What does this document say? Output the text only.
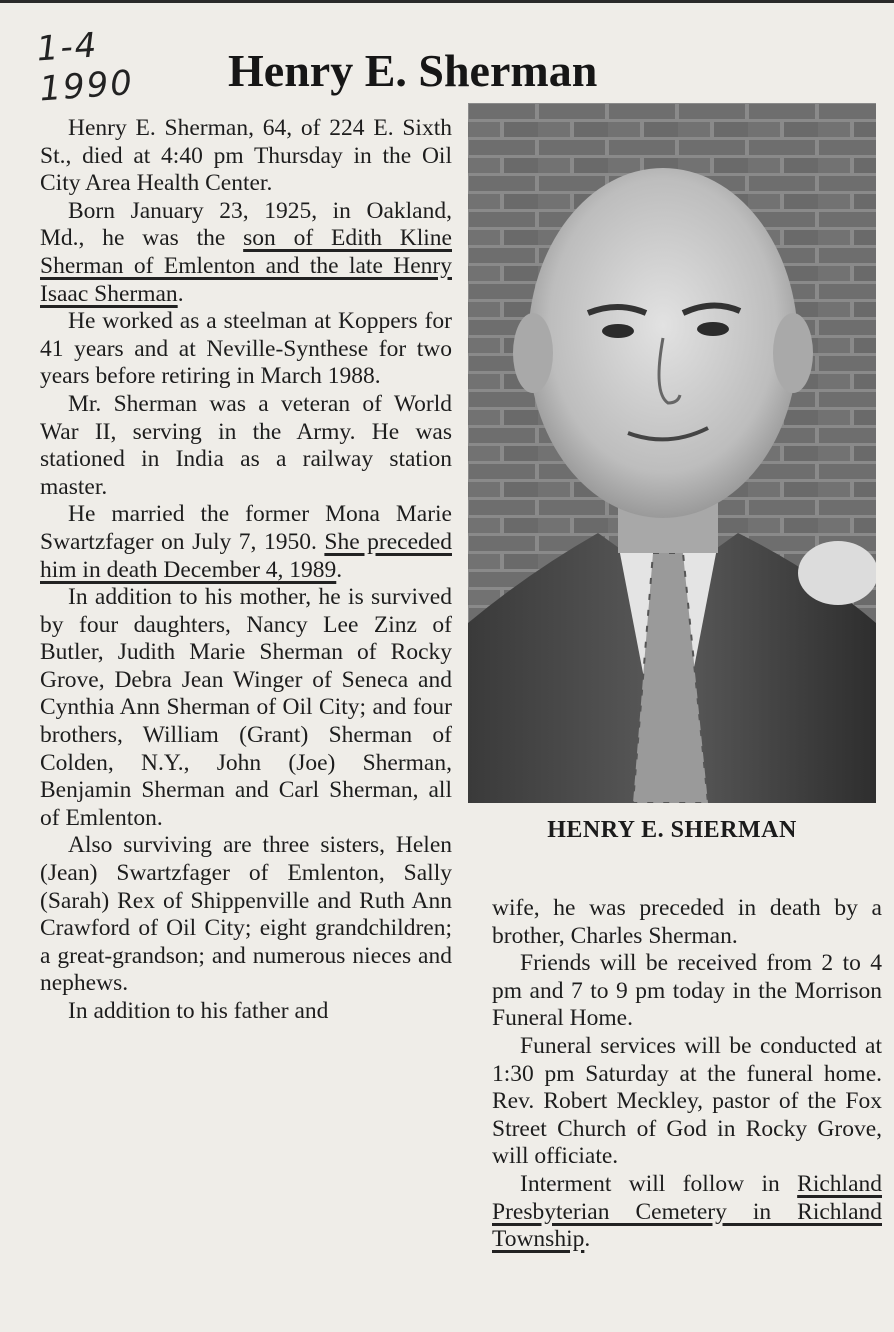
1-4
1990	Henry E. Sherman

Henry E. Sherman, 64, of 224 E. Sixth St., died at 4:40 pm Thursday in the Oil City Area Health Center.

Born January 23, 1925, in Oakland, Md., he was the son of Edith Kline Sherman of Emlenton and the late Henry Isaac Sherman.

He worked as a steelman at Koppers for 41 years and at Neville-Synthese for two years before retiring in March 1988.

Mr. Sherman was a veteran of World War II, serving in the Army. He was stationed in India as a railway station master.

He married the former Mona Marie Swartzfager on July 7, 1950. She preceded him in death December 4, 1989.

In addition to his mother, he is survived by four daughters, Nancy Lee Zinz of Butler, Judith Marie Sherman of Rocky Grove, Debra Jean Winger of Seneca and Cynthia Ann Sherman of Oil City; and four brothers, William (Grant) Sherman of Colden, N.Y., John (Joe) Sherman, Benjamin Sherman and Carl Sherman, all of Emlenton.

Also surviving are three sisters, Helen (Jean) Swartzfager of Emlenton, Sally (Sarah) Rex of Shippenville and Ruth Ann Crawford of Oil City; eight grandchildren; a great-grandson; and numerous nieces and nephews.

In addition to his father and

HENRY E. SHERMAN

wife, he was preceded in death by a brother, Charles Sherman.

Friends will be received from 2 to 4 pm and 7 to 9 pm today in the Morrison Funeral Home.

Funeral services will be conducted at 1:30 pm Saturday at the funeral home. Rev. Robert Meckley, pastor of the Fox Street Church of God in Rocky Grove, will officiate.

Interment will follow in Richland Presbyterian Cemetery in Richland Township.
